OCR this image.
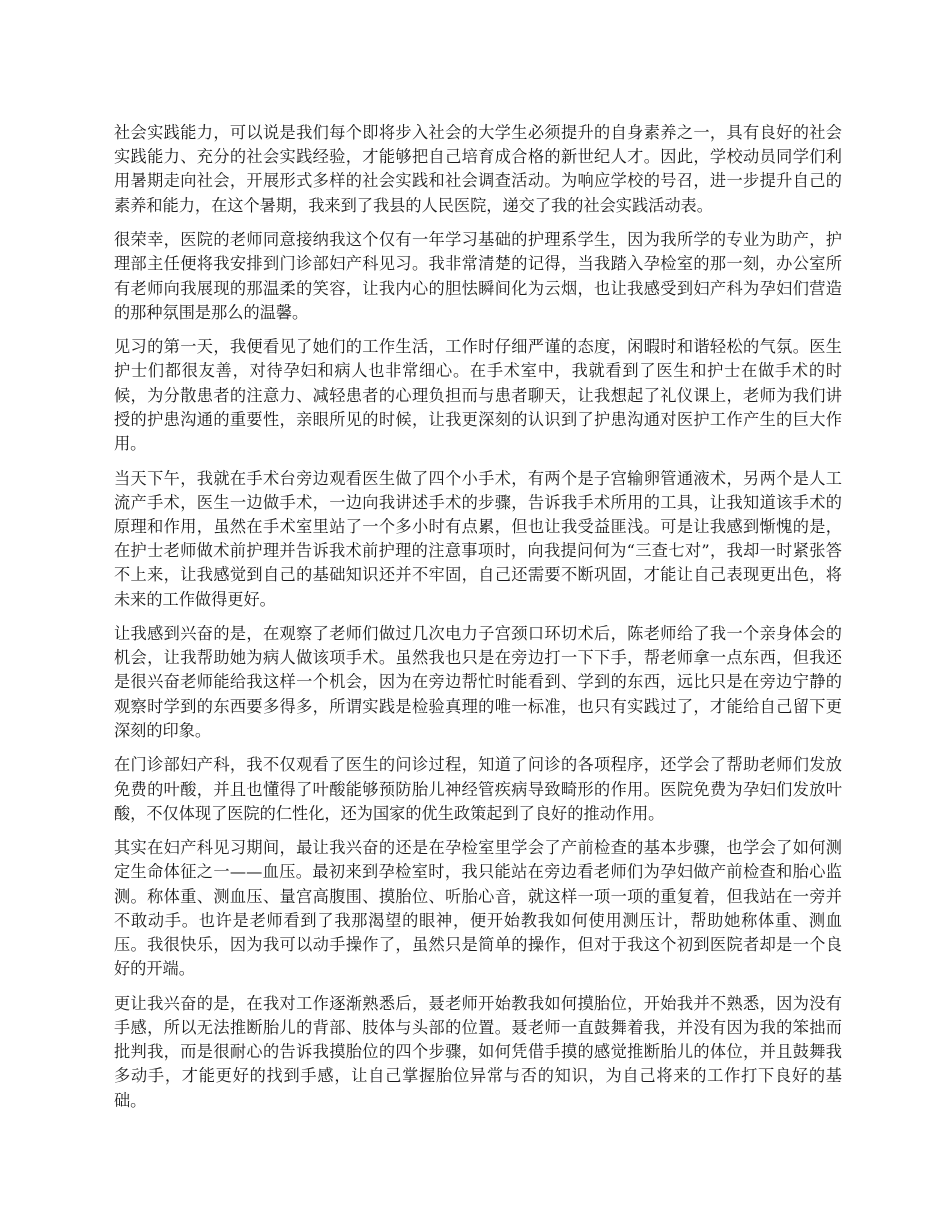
社会实践能力，可以说是我们每个即将步入社会的大学生必须提升的自身素养之一，具有良好的社会实践能力、充分的社会实践经验，才能够把自己培育成合格的新世纪人才。因此，学校动员同学们利用暑期走向社会，开展形式多样的社会实践和社会调查活动。为响应学校的号召，进一步提升自己的素养和能力，在这个暑期，我来到了我县的人民医院，递交了我的社会实践活动表。

很荣幸，医院的老师同意接纳我这个仅有一年学习基础的护理系学生，因为我所学的专业为助产，护理部主任便将我安排到门诊部妇产科见习。我非常清楚的记得，当我踏入孕检室的那一刻，办公室所有老师向我展现的那温柔的笑容，让我内心的胆怯瞬间化为云烟，也让我感受到妇产科为孕妇们营造的那种氛围是那么的温馨。

见习的第一天，我便看见了她们的工作生活，工作时仔细严谨的态度，闲暇时和谐轻松的气氛。医生护士们都很友善，对待孕妇和病人也非常细心。在手术室中，我就看到了医生和护士在做手术的时候，为分散患者的注意力、减轻患者的心理负担而与患者聊天，让我想起了礼仪课上，老师为我们讲授的护患沟通的重要性，亲眼所见的时候，让我更深刻的认识到了护患沟通对医护工作产生的巨大作用。

当天下午，我就在手术台旁边观看医生做了四个小手术，有两个是子宫输卵管通液术，另两个是人工流产手术，医生一边做手术，一边向我讲述手术的步骤，告诉我手术所用的工具，让我知道该手术的原理和作用，虽然在手术室里站了一个多小时有点累，但也让我受益匪浅。可是让我感到惭愧的是，在护士老师做术前护理并告诉我术前护理的注意事项时，向我提问何为“三查七对”，我却一时紧张答不上来，让我感觉到自己的基础知识还并不牢固，自己还需要不断巩固，才能让自己表现更出色，将未来的工作做得更好。

让我感到兴奋的是，在观察了老师们做过几次电力子宫颈口环切术后，陈老师给了我一个亲身体会的机会，让我帮助她为病人做该项手术。虽然我也只是在旁边打一下下手，帮老师拿一点东西，但我还是很兴奋老师能给我这样一个机会，因为在旁边帮忙时能看到、学到的东西，远比只是在旁边宁静的观察时学到的东西要多得多，所谓实践是检验真理的唯一标准，也只有实践过了，才能给自己留下更深刻的印象。

在门诊部妇产科，我不仅观看了医生的问诊过程，知道了问诊的各项程序，还学会了帮助老师们发放免费的叶酸，并且也懂得了叶酸能够预防胎儿神经管疾病导致畸形的作用。医院免费为孕妇们发放叶酸，不仅体现了医院的仁性化，还为国家的优生政策起到了良好的推动作用。

其实在妇产科见习期间，最让我兴奋的还是在孕检室里学会了产前检查的基本步骤，也学会了如何测定生命体征之一——血压。最初来到孕检室时，我只能站在旁边看老师们为孕妇做产前检查和胎心监测。称体重、测血压、量宫高腹围、摸胎位、听胎心音，就这样一项一项的重复着，但我站在一旁并不敢动手。也许是老师看到了我那渴望的眼神，便开始教我如何使用测压计，帮助她称体重、测血压。我很快乐，因为我可以动手操作了，虽然只是简单的操作，但对于我这个初到医院者却是一个良好的开端。

更让我兴奋的是，在我对工作逐渐熟悉后，聂老师开始教我如何摸胎位，开始我并不熟悉，因为没有手感，所以无法推断胎儿的背部、肢体与头部的位置。聂老师一直鼓舞着我，并没有因为我的笨拙而批判我，而是很耐心的告诉我摸胎位的四个步骤，如何凭借手摸的感觉推断胎儿的体位，并且鼓舞我多动手，才能更好的找到手感，让自己掌握胎位异常与否的知识，为自己将来的工作打下良好的基础。
